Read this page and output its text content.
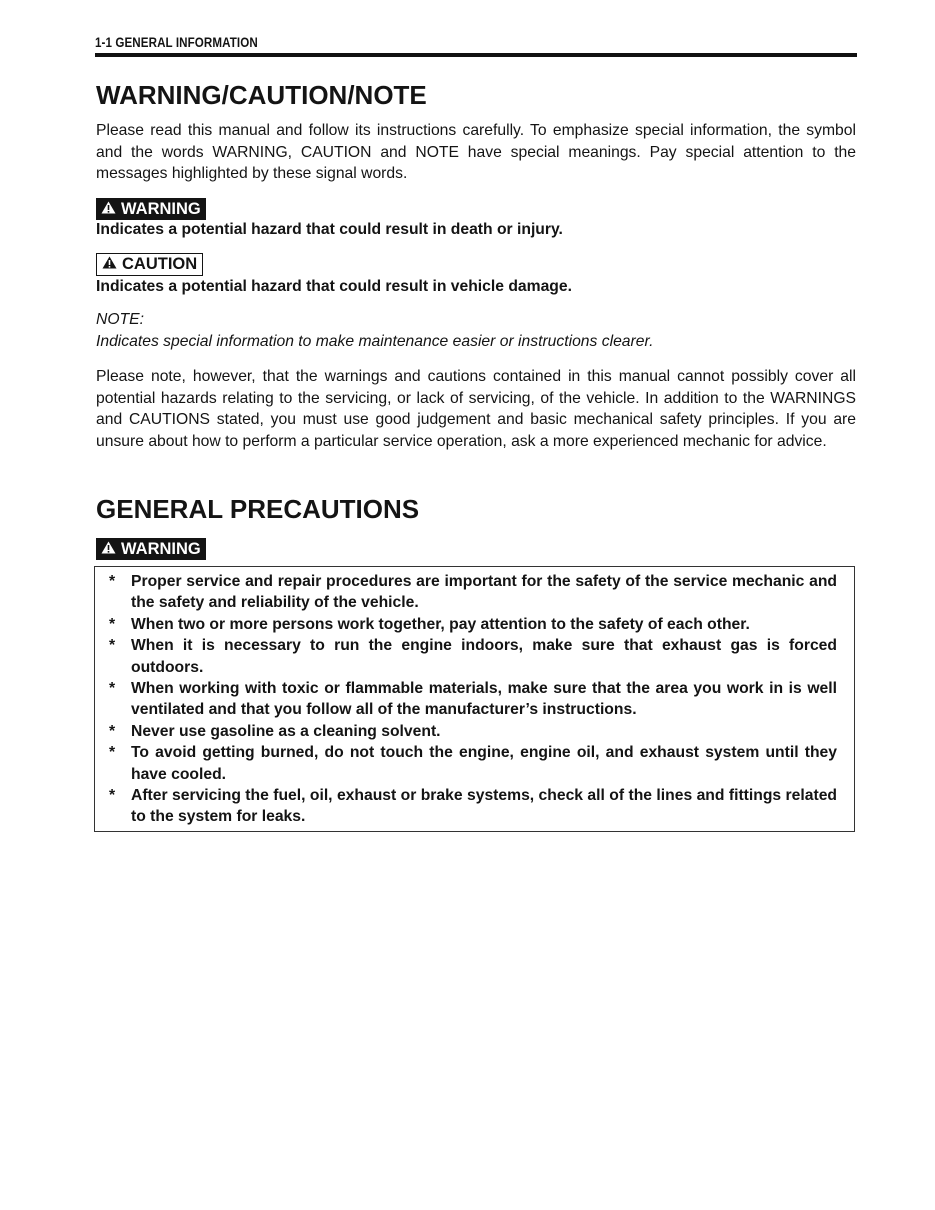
1-1 GENERAL INFORMATION
WARNING/CAUTION/NOTE

Please read this manual and follow its instructions carefully. To emphasize special information, the symbol and the words WARNING, CAUTION and NOTE have special meanings. Pay special attention to the messages highlighted by these signal words.

WARNING

Indicates a potential hazard that could result in death or injury.

CAUTION

Indicates a potential hazard that could result in vehicle damage.

NOTE:

Indicates special information to make maintenance easier or instructions clearer.

Please note, however, that the warnings and cautions contained in this manual cannot possibly cover all potential hazards relating to the servicing, or lack of servicing, of the vehicle. In addition to the WARNINGS and CAUTIONS stated, you must use good judgement and basic mechanical safety principles. If you are unsure about how to perform a particular service operation, ask a more experienced mechanic for advice.

GENERAL PRECAUTIONS
WARNING
* Proper service and repair procedures are important for the safety of the service mechanic and the safety and reliability of the vehicle.
* When two or more persons work together, pay attention to the safety of each other.
* When it is necessary to run the engine indoors, make sure that exhaust gas is forced outdoors.
* When working with toxic or flammable materials, make sure that the area you work in is well ventilated and that you follow all of the manufacturer’s instructions.
* Never use gasoline as a cleaning solvent.
* To avoid getting burned, do not touch the engine, engine oil, and exhaust system until they have cooled.
* After servicing the fuel, oil, exhaust or brake systems, check all of the lines and fittings related to the system for leaks.
